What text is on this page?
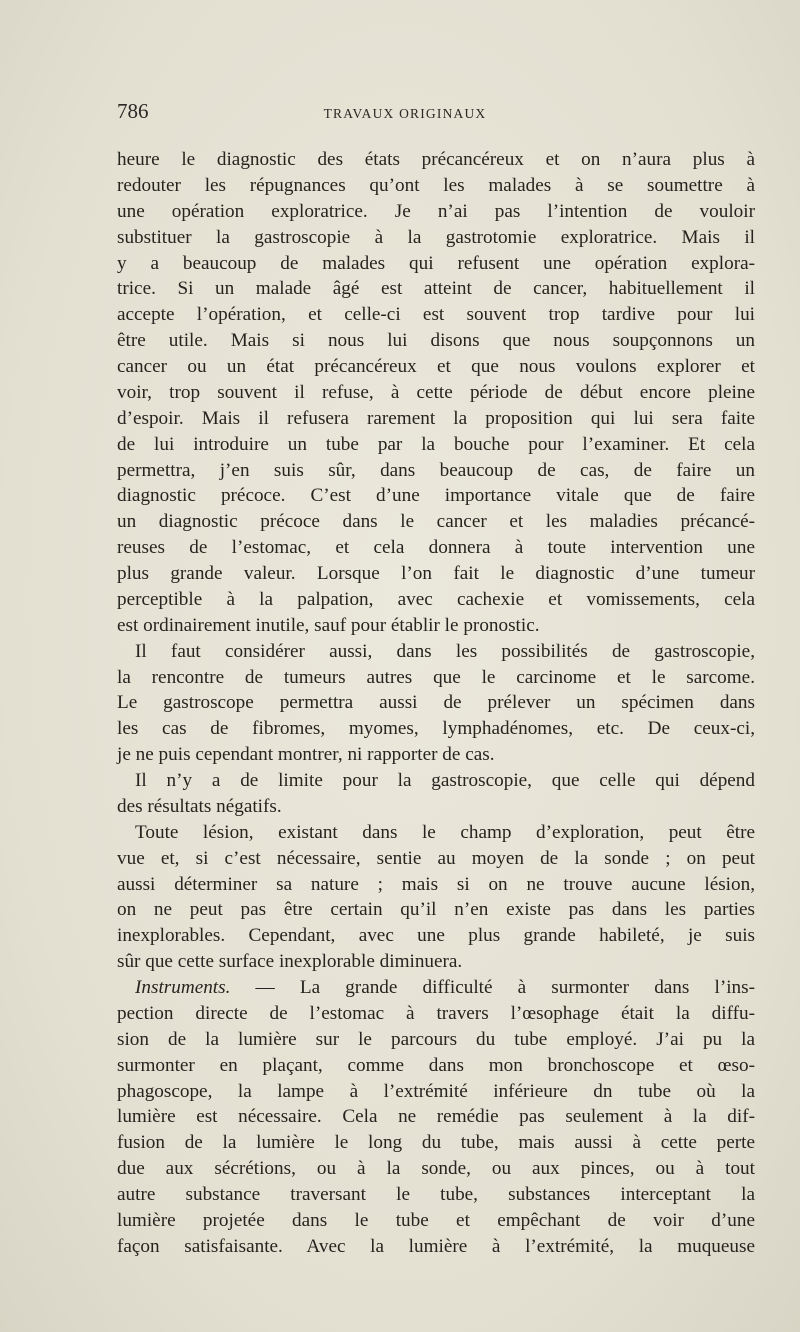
786	TRAVAUX ORIGINAUX
heure le diagnostic des états précancéreux et on n’aura plus à
redouter les répugnances qu’ont les malades à se soumettre à
une opération exploratrice. Je n’ai pas l’intention de vouloir
substituer la gastroscopie à la gastrotomie exploratrice. Mais il
y a beaucoup de malades qui refusent une opération explora-
trice. Si un malade âgé est atteint de cancer, habituellement il
accepte l’opération, et celle-ci est souvent trop tardive pour lui
être utile. Mais si nous lui disons que nous soupçonnons un
cancer ou un état précancéreux et que nous voulons explorer et
voir, trop souvent il refuse, à cette période de début encore pleine
d’espoir. Mais il refusera rarement la proposition qui lui sera faite
de lui introduire un tube par la bouche pour l’examiner. Et cela
permettra, j’en suis sûr, dans beaucoup de cas, de faire un
diagnostic précoce. C’est d’une importance vitale que de faire
un diagnostic précoce dans le cancer et les maladies précancé-
reuses de l’estomac, et cela donnera à toute intervention une
plus grande valeur. Lorsque l’on fait le diagnostic d’une tumeur
perceptible à la palpation, avec cachexie et vomissements, cela
est ordinairement inutile, sauf pour établir le pronostic.
Il faut considérer aussi, dans les possibilités de gastroscopie,
la rencontre de tumeurs autres que le carcinome et le sarcome.
Le gastroscope permettra aussi de prélever un spécimen dans
les cas de fibromes, myomes, lymphadénomes, etc. De ceux-ci,
je ne puis cependant montrer, ni rapporter de cas.
Il n’y a de limite pour la gastroscopie, que celle qui dépend
des résultats négatifs.
Toute lésion, existant dans le champ d’exploration, peut être
vue et, si c’est nécessaire, sentie au moyen de la sonde ; on peut
aussi déterminer sa nature ; mais si on ne trouve aucune lésion,
on ne peut pas être certain qu’il n’en existe pas dans les parties
inexplorables. Cependant, avec une plus grande habileté, je suis
sûr que cette surface inexplorable diminuera.
Instruments. — La grande difficulté à surmonter dans l’ins-
pection directe de l’estomac à travers l’œsophage était la diffu-
sion de la lumière sur le parcours du tube employé. J’ai pu la
surmonter en plaçant, comme dans mon bronchoscope et œso-
phagoscope, la lampe à l’extrémité inférieure dn tube où la
lumière est nécessaire. Cela ne remédie pas seulement à la dif-
fusion de la lumière le long du tube, mais aussi à cette perte
due aux sécrétions, ou à la sonde, ou aux pinces, ou à tout
autre substance traversant le tube, substances interceptant la
lumière projetée dans le tube et empêchant de voir d’une
façon satisfaisante. Avec la lumière à l’extrémité, la muqueuse
